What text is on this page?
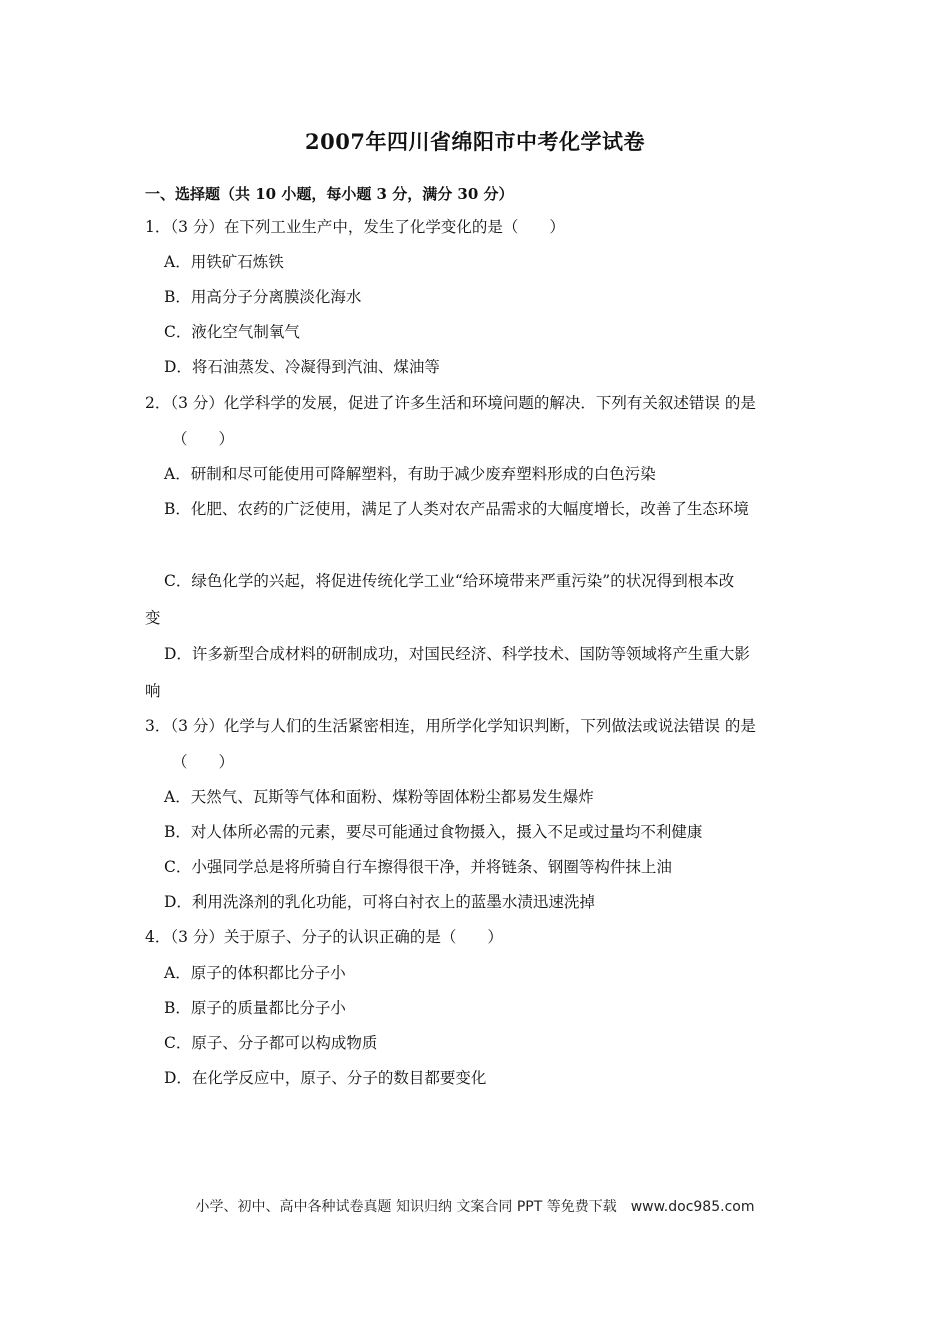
2007年四川省绵阳市中考化学试卷
一、选择题（共 10 小题，每小题 3 分，满分 30 分）
1．（3 分）在下列工业生产中，发生了化学变化的是（　　）
A．用铁矿石炼铁
B．用高分子分离膜淡化海水
C．液化空气制氧气
D．将石油蒸发、冷凝得到汽油、煤油等
2．（3 分）化学科学的发展，促进了许多生活和环境问题的解决．下列有关叙述错误 的是
（　　）
A．研制和尽可能使用可降解塑料，有助于减少废弃塑料形成的白色污染
B．化肥、农药的广泛使用，满足了人类对农产品需求的大幅度增长，改善了生态环境
C．绿色化学的兴起，将促进传统化学工业“给环境带来严重污染”的状况得到根本改
变
D．许多新型合成材料的研制成功，对国民经济、科学技术、国防等领域将产生重大影
响
3．（3 分）化学与人们的生活紧密相连，用所学化学知识判断，下列做法或说法错误 的是
（　　）
A．天然气、瓦斯等气体和面粉、煤粉等固体粉尘都易发生爆炸
B．对人体所必需的元素，要尽可能通过食物摄入，摄入不足或过量均不利健康
C．小强同学总是将所骑自行车擦得很干净，并将链条、钢圈等构件抹上油
D．利用洗涤剂的乳化功能，可将白衬衣上的蓝墨水渍迅速洗掉
4．（3 分）关于原子、分子的认识正确的是（　　）
A．原子的体积都比分子小
B．原子的质量都比分子小
C．原子、分子都可以构成物质
D．在化学反应中，原子、分子的数目都要变化
小学、初中、高中各种试卷真题 知识归纳 文案合同 PPT 等免费下载　www.doc985.com
